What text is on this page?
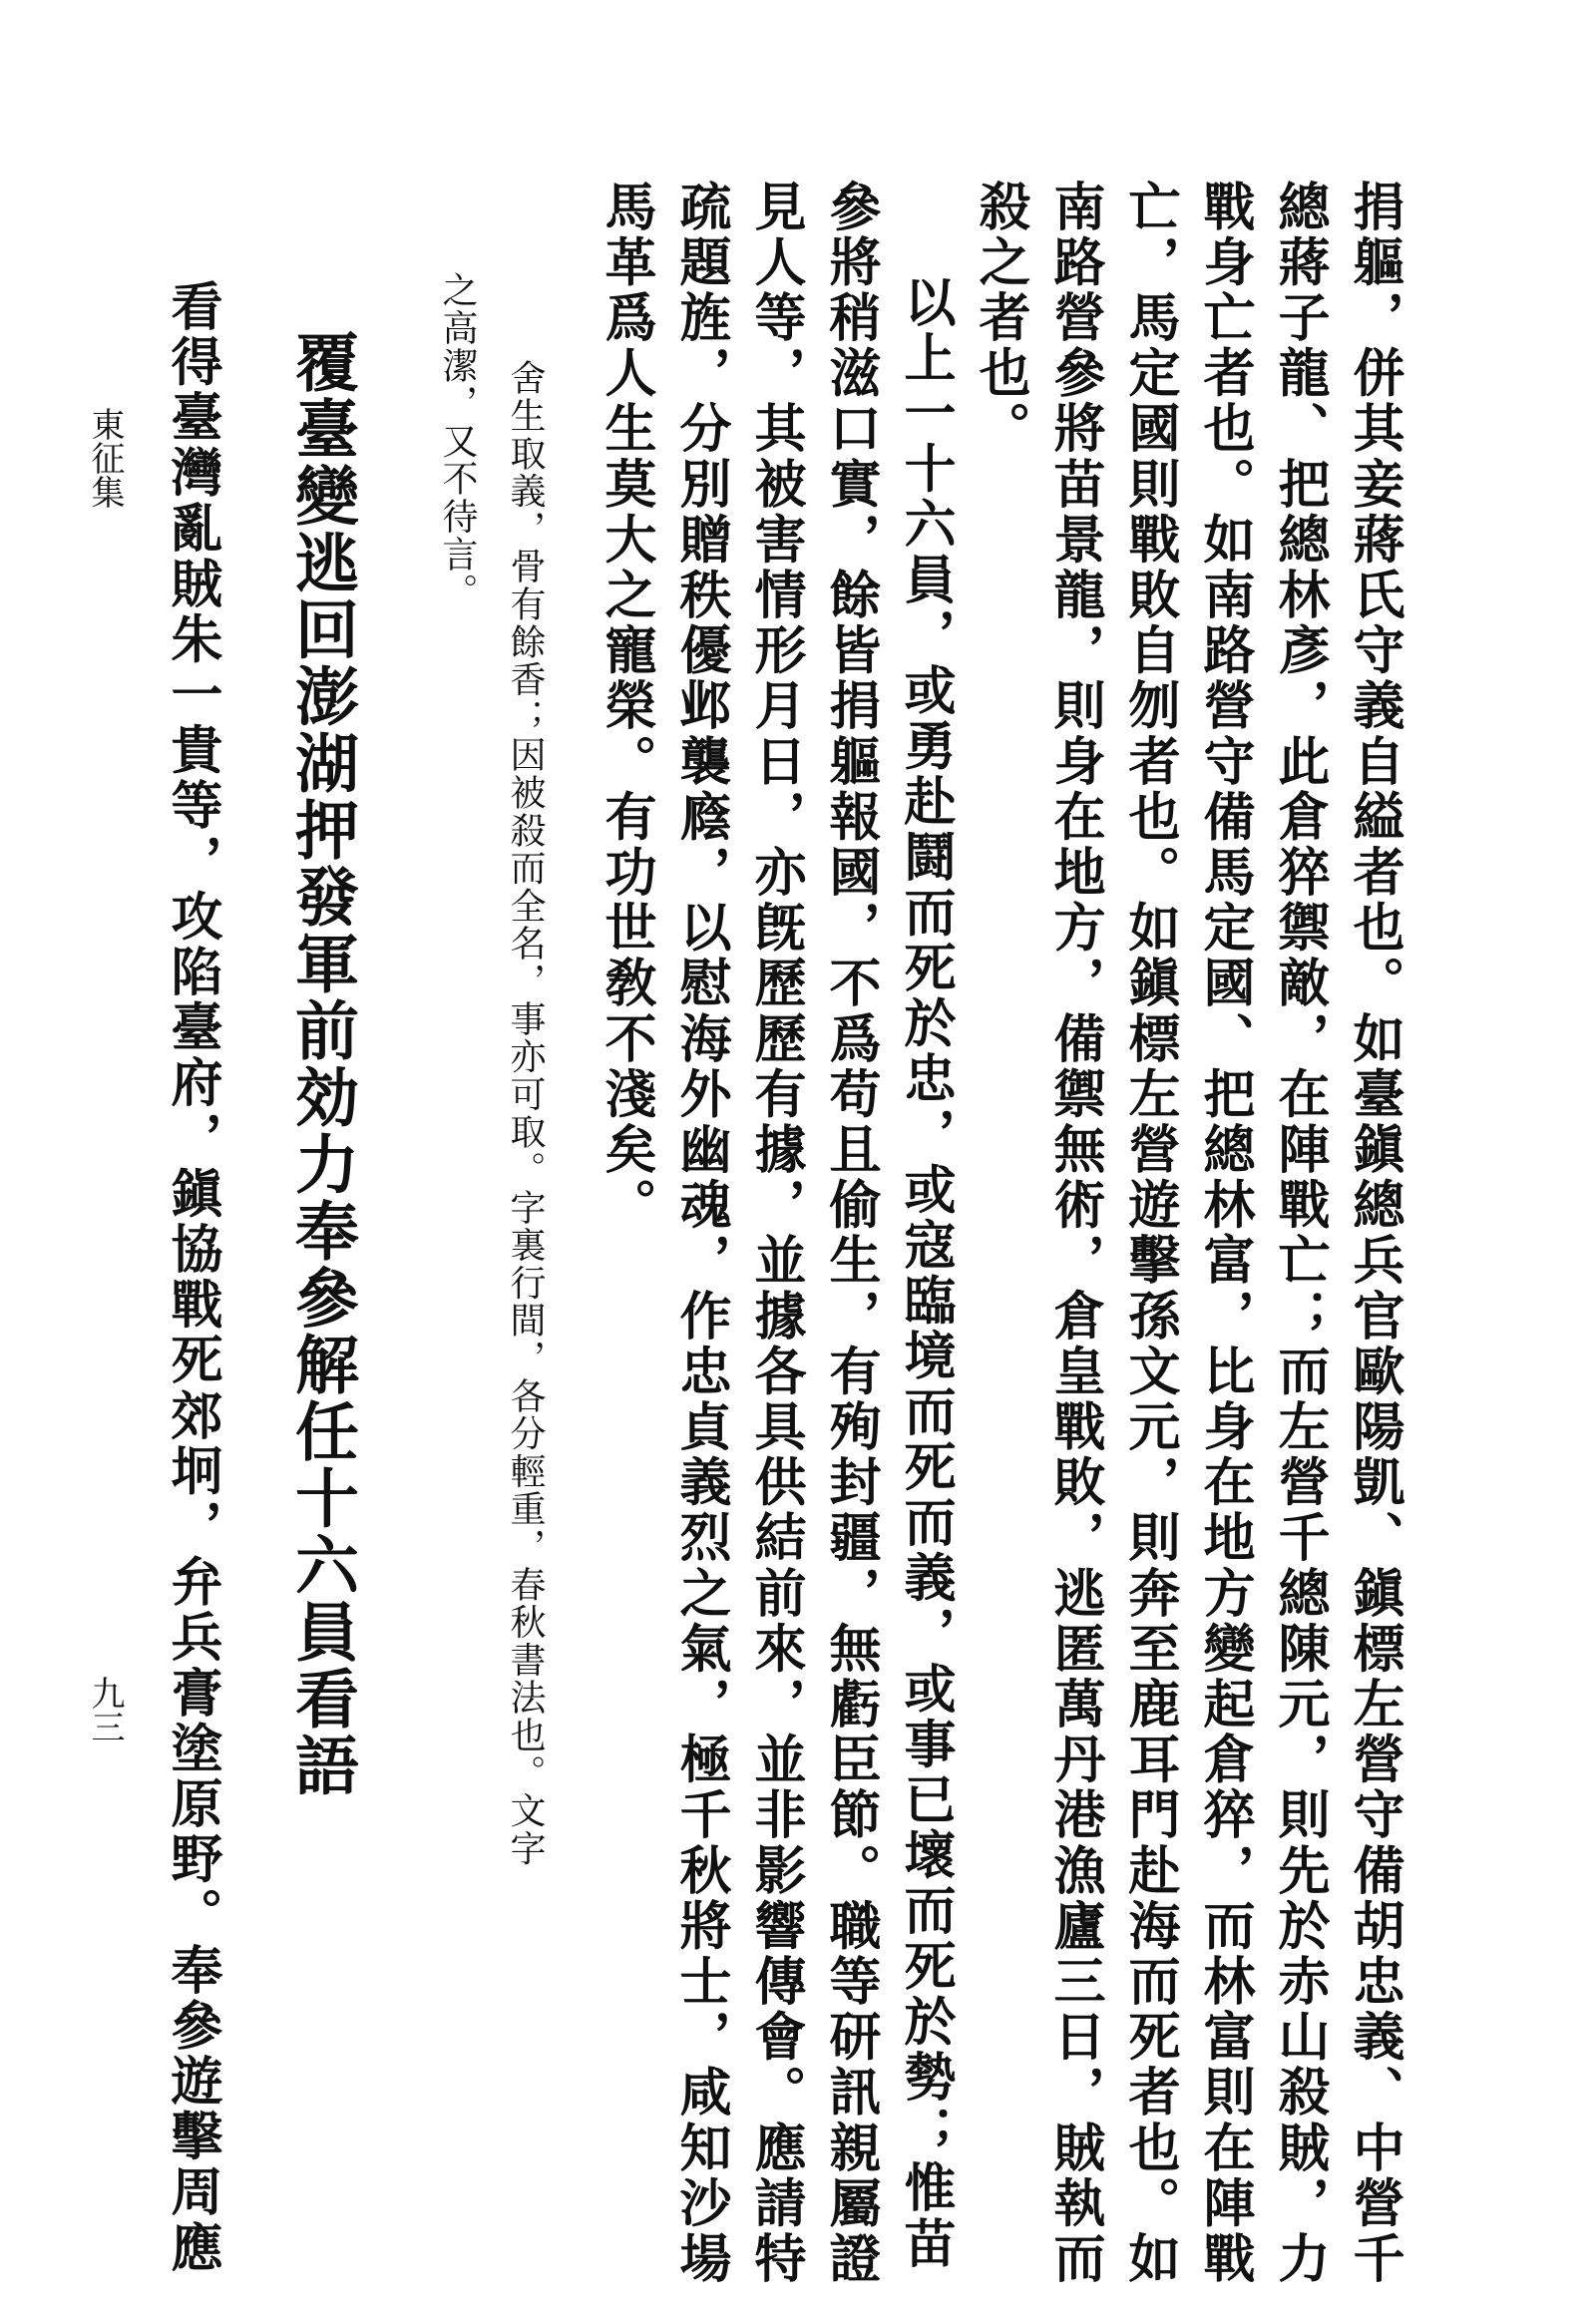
捐軀，併其妾蔣氏守義自縊者也。如臺鎭總兵官歐陽凱、鎭標左營守備胡忠義、中營千
總蔣子龍、把總林彥，此倉猝禦敵，在陣戰亡；而左營千總陳元，則先於赤山殺賊，力
戰身亡者也。如南路營守備馬定國、把總林富，比身在地方變起倉猝，而林富則在陣戰
亡，馬定國則戰敗自刎者也。如鎭標左營遊擊孫文元，則奔至鹿耳門赴海而死者也。如
南路營參將苗景龍，則身在地方，備禦無術，倉皇戰敗，逃匿萬丹港漁廬三日，賊執而
殺之者也。
以上一十六員，或勇赴鬪而死於忠，或寇臨境而死而義，或事已壞而死於勢；惟苗
參將稍滋口實，餘皆捐軀報國，不爲苟且偷生，有殉封疆，無虧臣節。職等研訊親屬證
見人等，其被害情形月日，亦旣歷歷有據，並據各具供結前來，並非影響傳會。應請特
疏題旌，分別贈秩優邺襲廕，以慰海外幽魂，作忠貞義烈之氣，極千秋將士，咸知沙場
馬革爲人生莫大之寵榮。有功世敎不淺矣。
舍生取義，骨有餘香；因被殺而全名，事亦可取。字裏行間，各分輕重，春秋書法也。文字
之高潔，又不待言。
覆臺變逃回澎湖押發軍前効力奉參解任十六員看語
看得臺灣亂賊朱一貴等，攻陷臺府，鎭協戰死郊坰，弁兵膏塗原野。奉參遊擊周應
東征集
九三
